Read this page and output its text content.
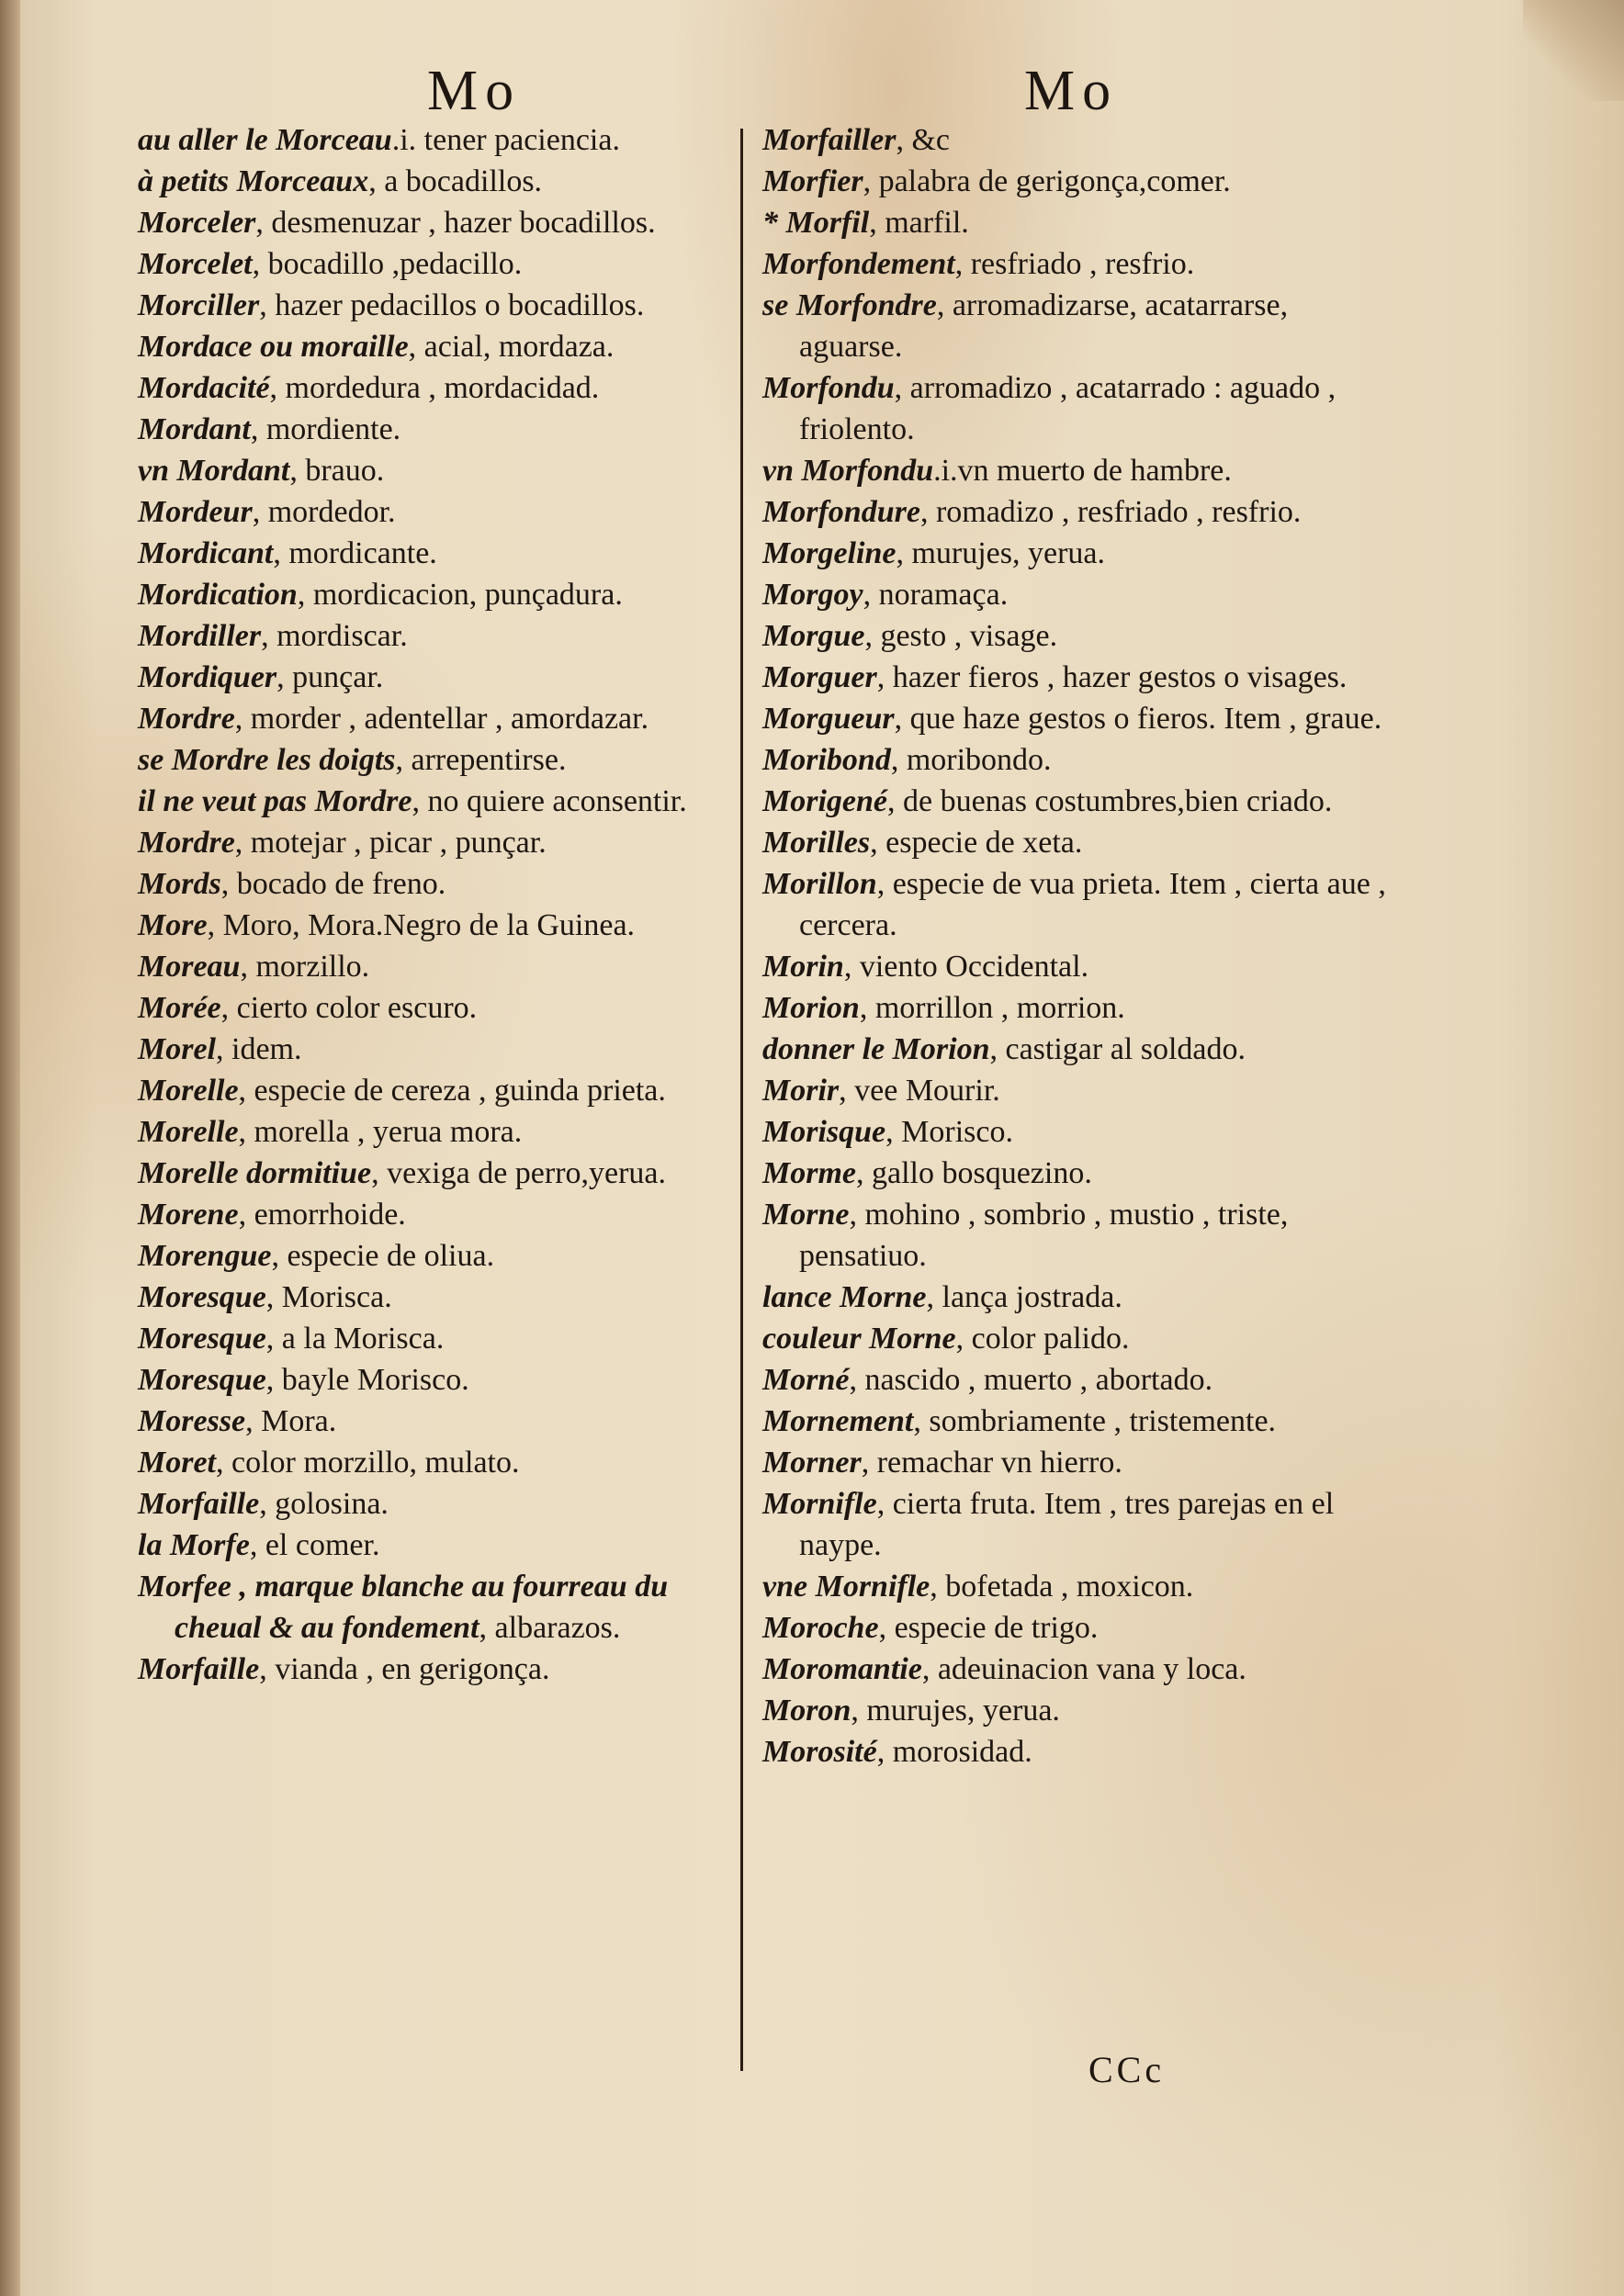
Mo

au aller le Morceau.i. tener paciencia.

à petits Morceaux, a bocadillos.

Morceler, desmenuzar , hazer bocadillos.

Morcelet, bocadillo ,pedacillo.

Morciller, hazer pedacillos o bocadillos.

Mordace ou moraille, acial, mordaza.

Mordacité, mordedura , mordacidad.

Mordant, mordiente.

vn Mordant, brauo.

Mordeur, mordedor.

Mordicant, mordicante.

Mordication, mordicacion, punçadura.

Mordiller, mordiscar.

Mordiquer, punçar.

Mordre, morder , adentellar , amordazar.

se Mordre les doigts, arrepentirse.

il ne veut pas Mordre, no quiere aconsentir.

Mordre, motejar , picar , punçar.

Mords, bocado de freno.

More, Moro, Mora.Negro de la Guinea.

Moreau, morzillo.

Morée, cierto color escuro.

Morel, idem.

Morelle, especie de cereza , guinda prieta.

Morelle, morella , yerua mora.

Morelle dormitiue, vexiga de perro,yerua.

Morene, emorrhoide.

Morengue, especie de oliua.

Moresque, Morisca.

Moresque, a la Morisca.

Moresque, bayle Morisco.

Moresse, Mora.

Moret, color morzillo, mulato.

Morfaille, golosina.

la Morfe, el comer.

Morfee , marque blanche au fourreau du cheual & au fondement, albarazos.

Morfaille, vianda , en gerigonça.

Mo

Morfailler, &c

Morfier, palabra de gerigonça,comer.

* Morfil, marfil.

Morfondement, resfriado , resfrio.

se Morfondre, arromadizarse, acatarrarse, aguarse.

Morfondu, arromadizo , acatarrado : aguado , friolento.

vn Morfondu.i.vn muerto de hambre.

Morfondure, romadizo , resfriado , resfrio.

Morgeline, murujes, yerua.

Morgoy, noramaça.

Morgue, gesto , visage.

Morguer, hazer fieros , hazer gestos o visages.

Morgueur, que haze gestos o fieros. Item , graue.

Moribond, moribondo.

Morigené, de buenas costumbres,bien criado.

Morilles, especie de xeta.

Morillon, especie de vua prieta. Item , cierta aue , cercera.

Morin, viento Occidental.

Morion, morrillon , morrion.

donner le Morion, castigar al soldado.

Morir, vee Mourir.

Morisque, Morisco.

Morme, gallo bosquezino.

Morne, mohino , sombrio , mustio , triste, pensatiuo.

lance Morne, lança jostrada.

couleur Morne, color palido.

Morné, nascido , muerto , abortado.

Mornement, sombriamente , tristemente.

Morner, remachar vn hierro.

Mornifle, cierta fruta. Item , tres parejas en el naype.

vne Mornifle, bofetada , moxicon.

Moroche, especie de trigo.

Moromantie, adeuinacion vana y loca.

Moron, murujes, yerua.

Morosité, morosidad.

CCc
